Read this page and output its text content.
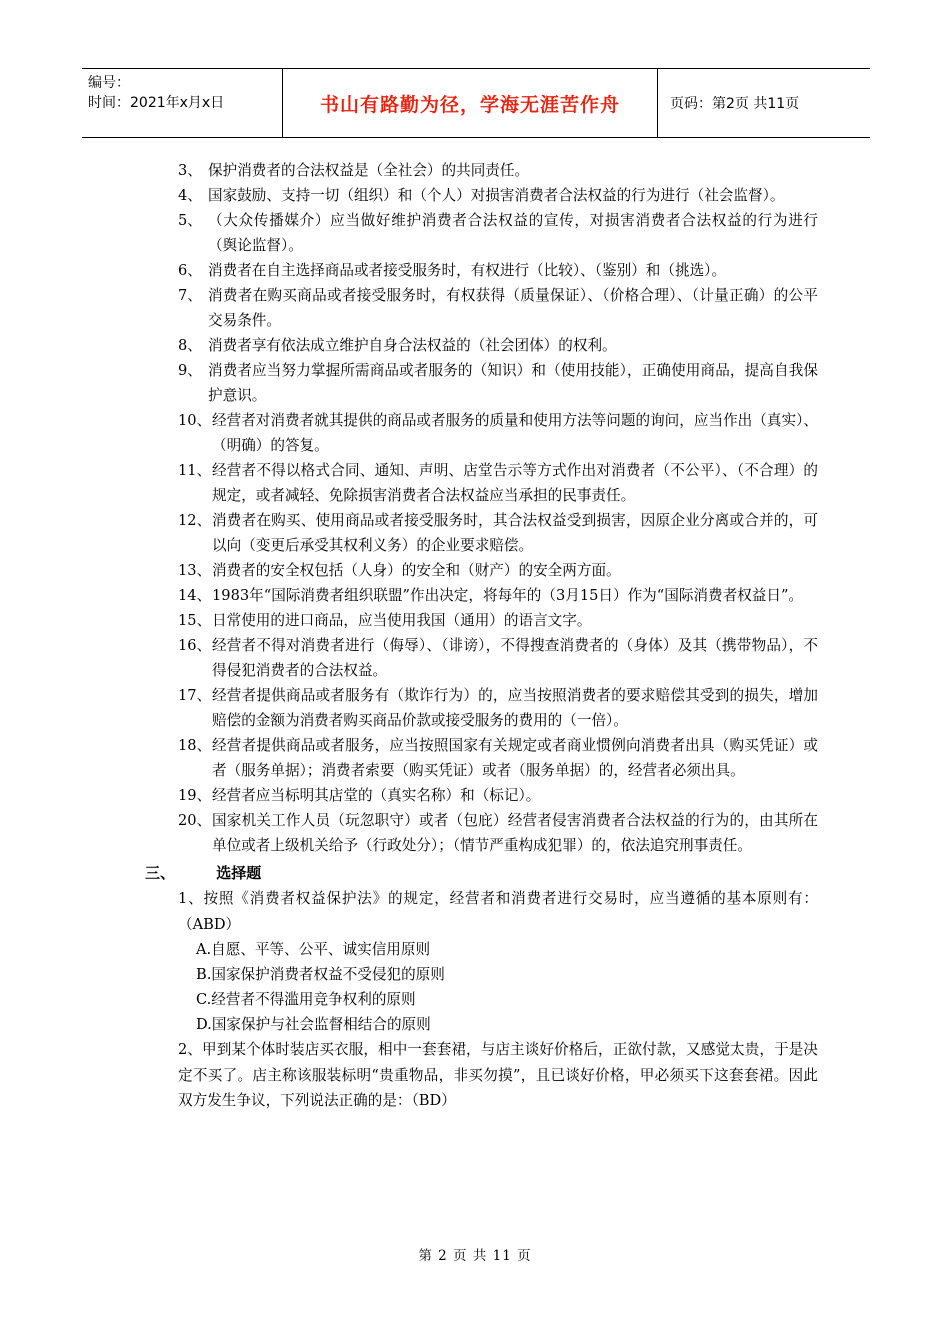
编号：
时间：2021年x月x日	书山有路勤为径，学海无涯苦作舟	页码：第2页 共11页
3、 保护消费者的合法权益是（全社会）的共同责任。
4、 国家鼓励、支持一切（组织）和（个人）对损害消费者合法权益的行为进行（社会监督）。
5、 （大众传播媒介）应当做好维护消费者合法权益的宣传，对损害消费者合法权益的行为进行（舆论监督）。
6、 消费者在自主选择商品或者接受服务时，有权进行（比较）、（鉴别）和（挑选）。
7、 消费者在购买商品或者接受服务时，有权获得（质量保证）、（价格合理）、（计量正确）的公平交易条件。
8、 消费者享有依法成立维护自身合法权益的（社会团体）的权利。
9、 消费者应当努力掌握所需商品或者服务的（知识）和（使用技能），正确使用商品，提高自我保护意识。
10、 经营者对消费者就其提供的商品或者服务的质量和使用方法等问题的询问，应当作出（真实）、（明确）的答复。
11、 经营者不得以格式合同、通知、声明、店堂告示等方式作出对消费者（不公平）、（不合理）的规定，或者减轻、免除损害消费者合法权益应当承担的民事责任。
12、 消费者在购买、使用商品或者接受服务时，其合法权益受到损害，因原企业分离或合并的，可以向（变更后承受其权利义务）的企业要求赔偿。
13、 消费者的安全权包括（人身）的安全和（财产）的安全两方面。
14、 1983年“国际消费者组织联盟”作出决定，将每年的（3月15日）作为“国际消费者权益日”。
15、 日常使用的进口商品，应当使用我国（通用）的语言文字。
16、 经营者不得对消费者进行（侮辱）、（诽谤），不得搜查消费者的（身体）及其（携带物品），不得侵犯消费者的合法权益。
17、 经营者提供商品或者服务有（欺诈行为）的，应当按照消费者的要求赔偿其受到的损失，增加赔偿的金额为消费者购买商品价款或接受服务的费用的（一倍）。
18、 经营者提供商品或者服务，应当按照国家有关规定或者商业惯例向消费者出具（购买凭证）或者（服务单据）；消费者索要（购买凭证）或者（服务单据）的，经营者必须出具。
19、 经营者应当标明其店堂的（真实名称）和（标记）。
20、 国家机关工作人员（玩忽职守）或者（包庇）经营者侵害消费者合法权益的行为的，由其所在单位或者上级机关给予（行政处分）；（情节严重构成犯罪）的，依法追究刑事责任。
三、	选择题
1、按照《消费者权益保护法》的规定，经营者和消费者进行交易时，应当遵循的基本原则有：（ABD）
A.自愿、平等、公平、诚实信用原则
B.国家保护消费者权益不受侵犯的原则
C.经营者不得滥用竞争权利的原则
D.国家保护与社会监督相结合的原则
2、甲到某个体时装店买衣服，相中一套套裙，与店主谈好价格后，正欲付款，又感觉太贵，于是决定不买了。店主称该服装标明“贵重物品，非买勿摸”，且已谈好价格，甲必须买下这套套裙。因此双方发生争议，下列说法正确的是：（BD）
第 2 页 共 11 页
